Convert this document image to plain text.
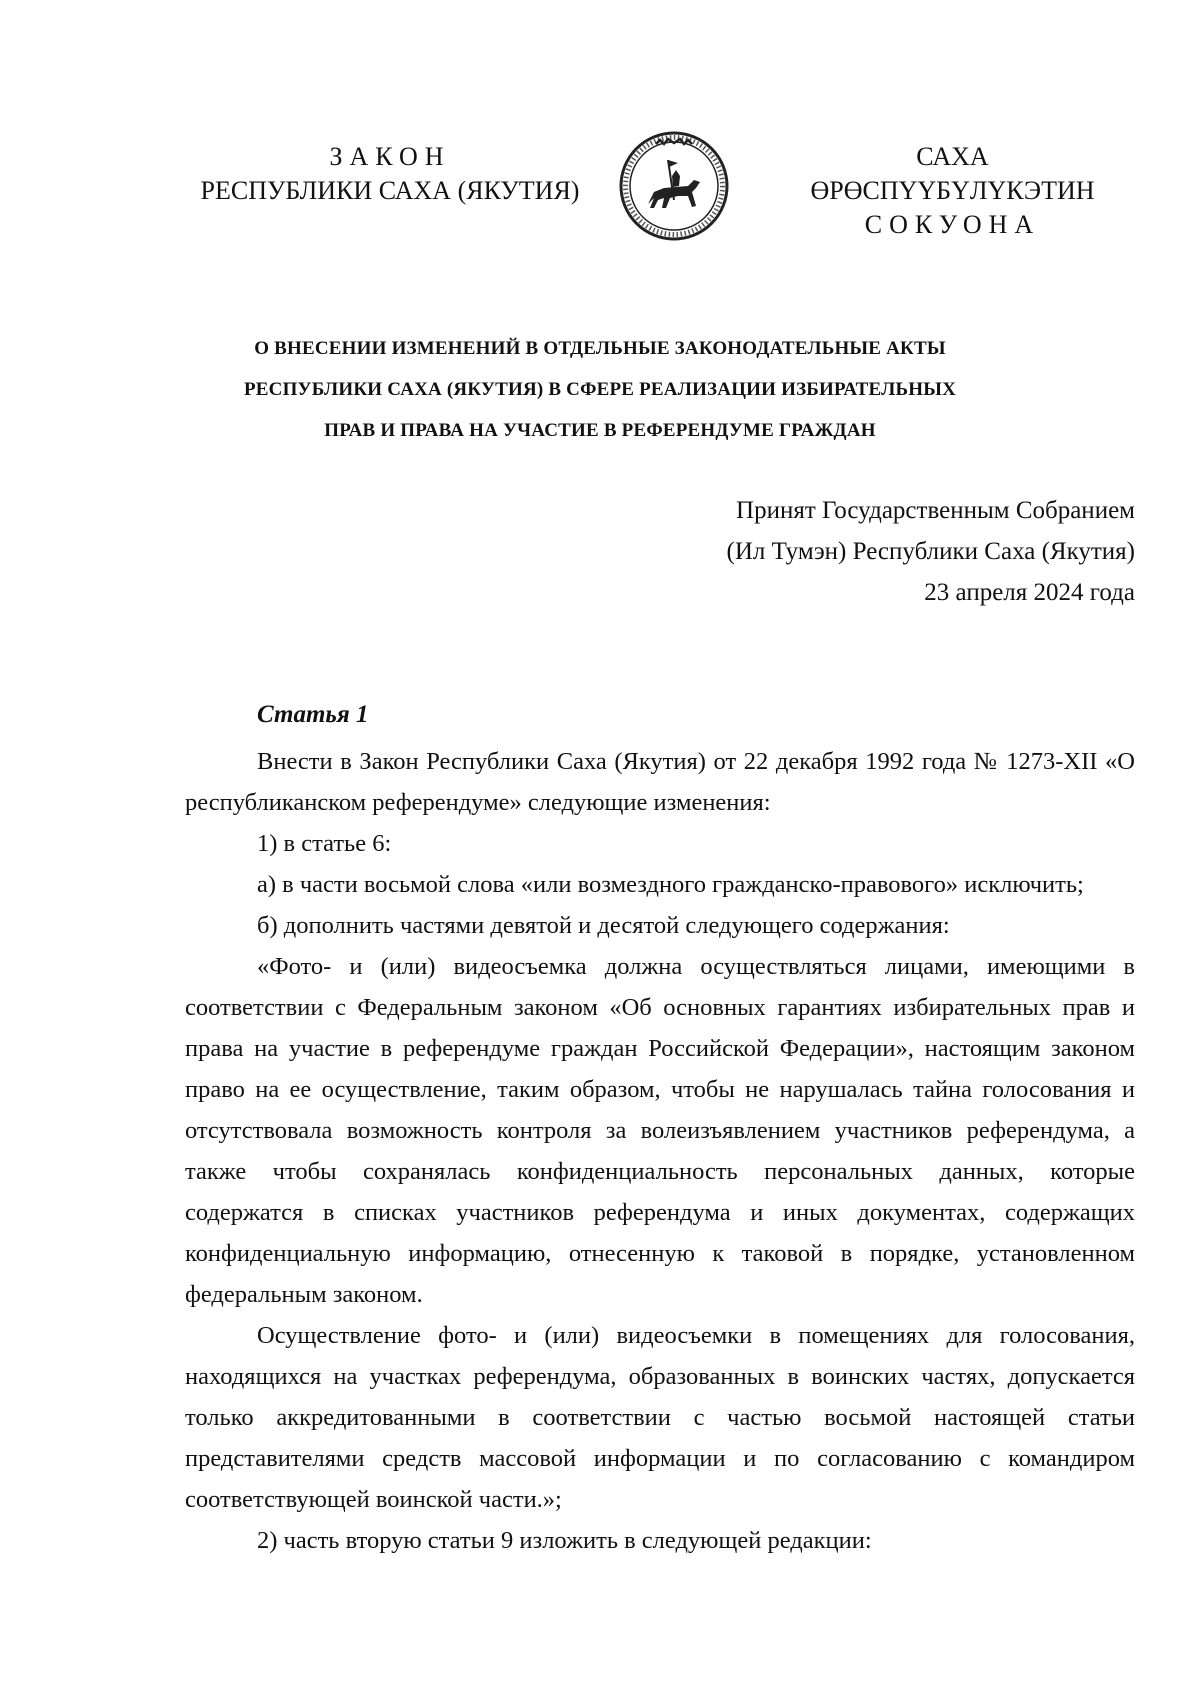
ЗАКОН
РЕСПУБЛИКИ САХА (ЯКУТИЯ)
САХА ӨРӨСПҮҮБҮЛҮКЭТИН
СОКУОНА
О ВНЕСЕНИИ ИЗМЕНЕНИЙ В ОТДЕЛЬНЫЕ ЗАКОНОДАТЕЛЬНЫЕ АКТЫ
РЕСПУБЛИКИ САХА (ЯКУТИЯ) В СФЕРЕ РЕАЛИЗАЦИИ ИЗБИРАТЕЛЬНЫХ
ПРАВ И ПРАВА НА УЧАСТИЕ В РЕФЕРЕНДУМЕ ГРАЖДАН
Принят Государственным Собранием
(Ил Тумэн) Республики Саха (Якутия)
23 апреля 2024 года
Статья 1

Внести в Закон Республики Саха (Якутия) от 22 декабря 1992 года № 1273-XII «О республиканском референдуме» следующие изменения:

1) в статье 6:

а) в части восьмой слова «или возмездного гражданско-правового» исключить;

б) дополнить частями девятой и десятой следующего содержания:

«Фото- и (или) видеосъемка должна осуществляться лицами, имеющими в соответствии с Федеральным законом «Об основных гарантиях избирательных прав и права на участие в референдуме граждан Российской Федерации», настоящим законом право на ее осуществление, таким образом, чтобы не нарушалась тайна голосования и отсутствовала возможность контроля за волеизъявлением участников референдума, а также чтобы сохранялась конфиденциальность персональных данных, которые содержатся в списках участников референдума и иных документах, содержащих конфиденциальную информацию, отнесенную к таковой в порядке, установленном федеральным законом.

Осуществление фото- и (или) видеосъемки в помещениях для голосования, находящихся на участках референдума, образованных в воинских частях, допускается только аккредитованными в соответствии с частью восьмой настоящей статьи представителями средств массовой информации и по согласованию с командиром соответствующей воинской части.»;

2) часть вторую статьи 9 изложить в следующей редакции:
